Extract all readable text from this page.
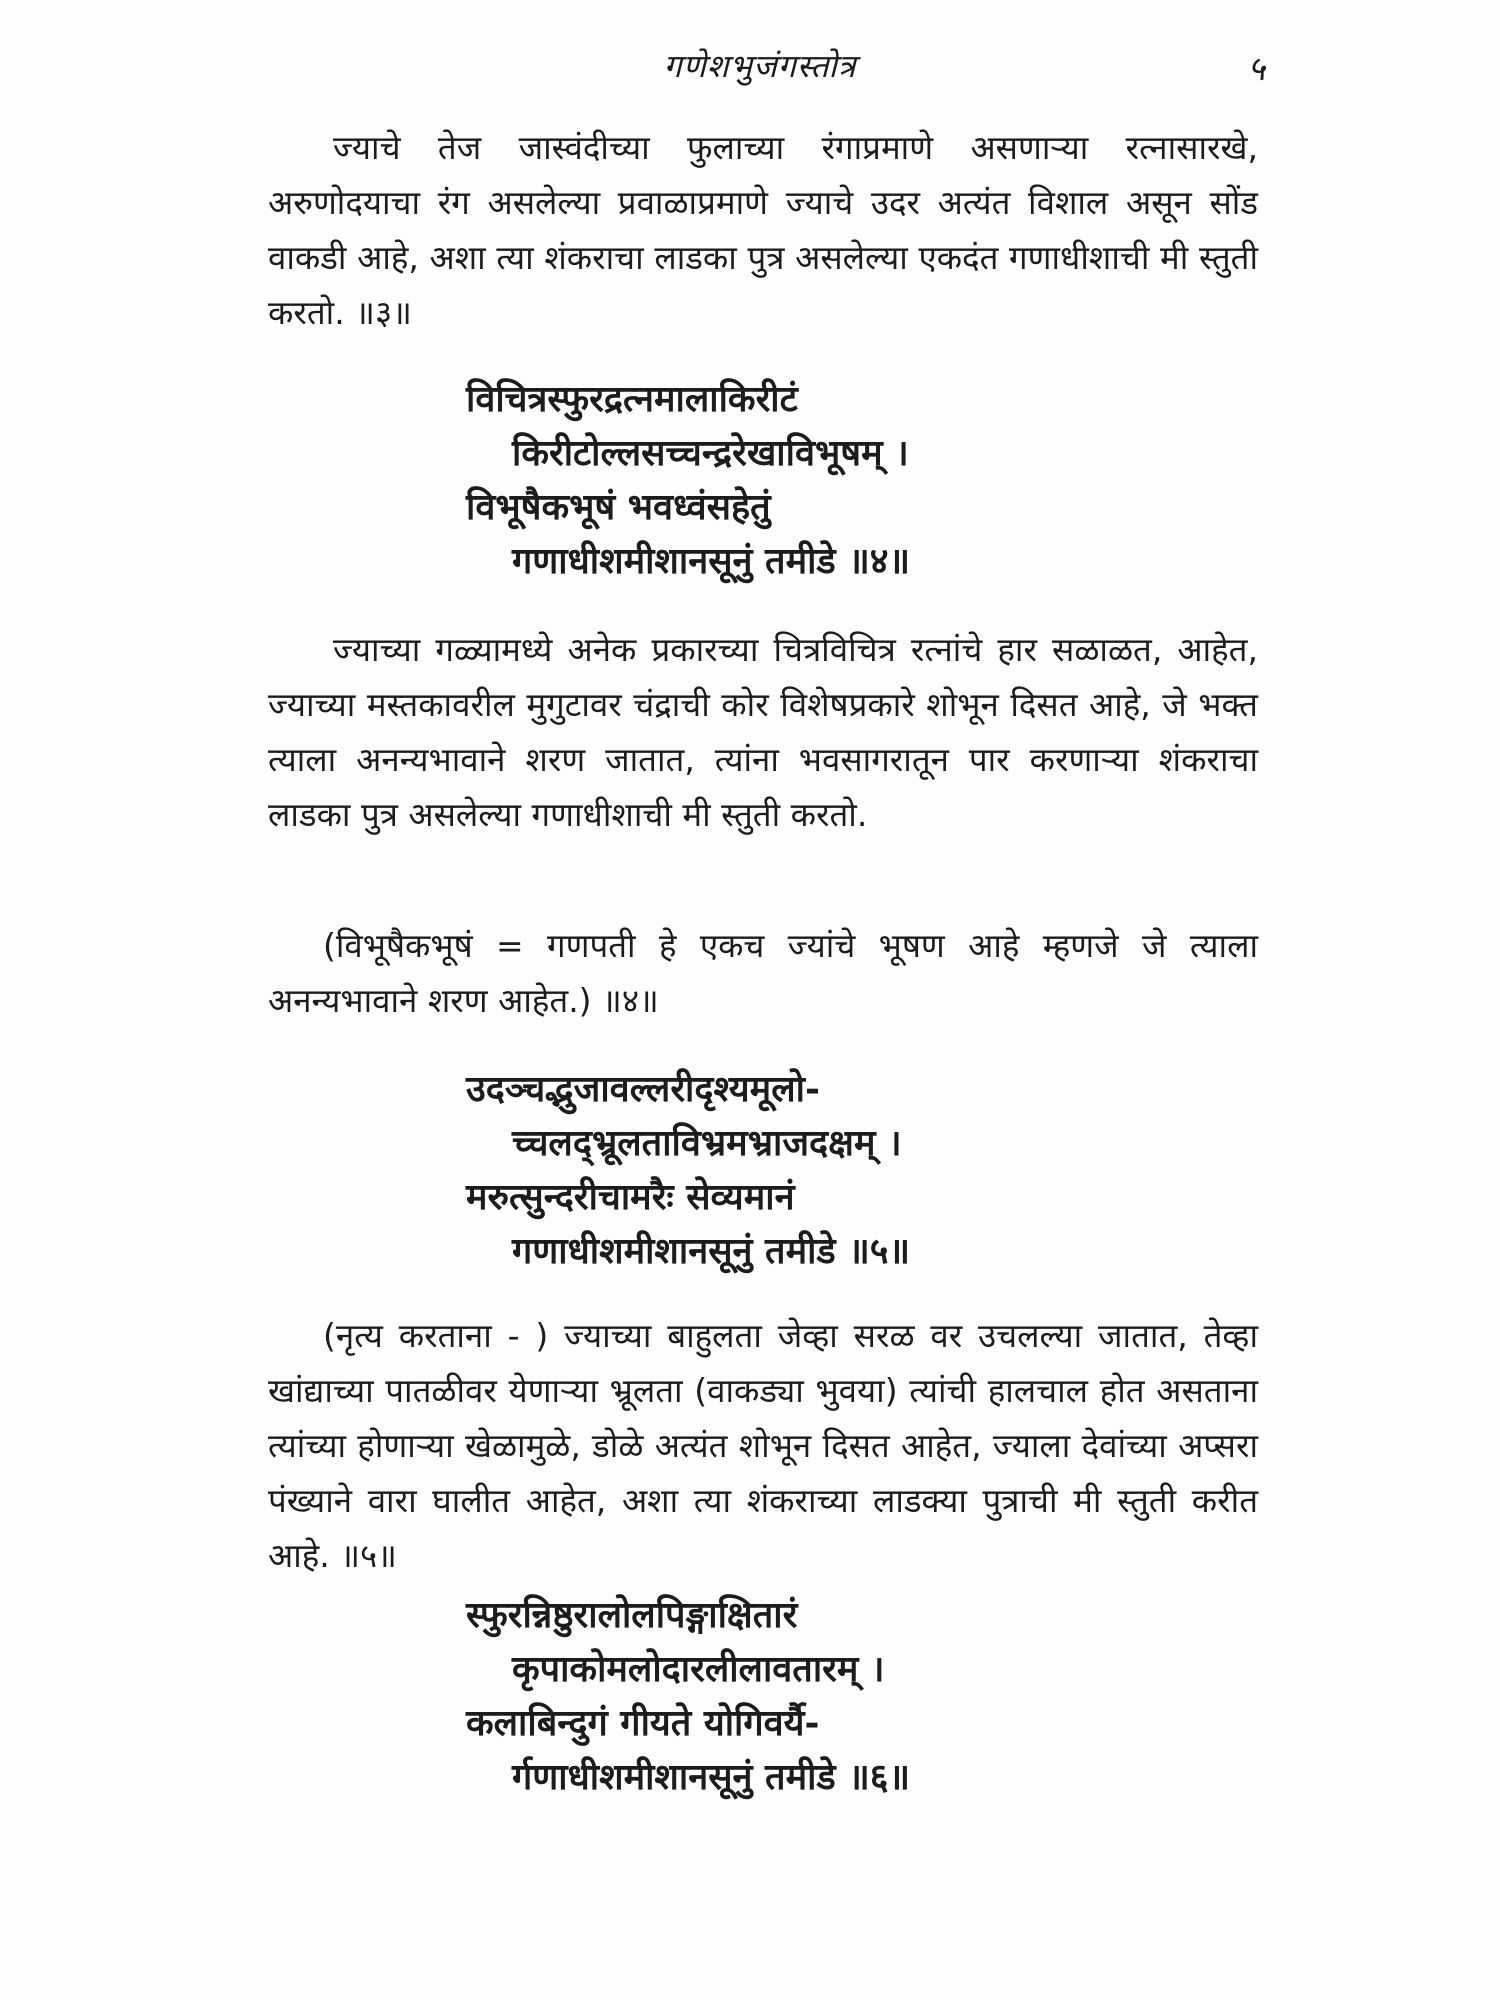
गणेशभुजंगस्तोत्र	५

ज्याचे तेज जास्वंदीच्या फुलाच्या रंगाप्रमाणे असणाऱ्या रत्नासारखे, अरुणोदयाचा रंग असलेल्या प्रवाळाप्रमाणे ज्याचे उदर अत्यंत विशाल असून सोंड वाकडी आहे, अशा त्या शंकराचा लाडका पुत्र असलेल्या एकदंत गणाधीशाची मी स्तुती करतो. ॥३॥

विचित्रस्फुरद्रत्नमालाकिरीटं
किरीटोल्लसच्चन्द्ररेखाविभूषम् ।
विभूषैकभूषं भवध्वंसहेतुं
गणाधीशमीशानसूनुं तमीडे ॥४॥

ज्याच्या गळ्यामध्ये अनेक प्रकारच्या चित्रविचित्र रत्नांचे हार सळाळत, आहेत, ज्याच्या मस्तकावरील मुगुटावर चंद्राची कोर विशेषप्रकारे शोभून दिसत आहे, जे भक्त त्याला अनन्यभावाने शरण जातात, त्यांना भवसागरातून पार करणाऱ्या शंकराचा लाडका पुत्र असलेल्या गणाधीशाची मी स्तुती करतो.

(विभूषैकभूषं = गणपती हे एकच ज्यांचे भूषण आहे म्हणजे जे त्याला अनन्यभावाने शरण आहेत.) ॥४॥

उदञ्चद्भुजावल्लरीदृश्यमूलो-
च्चलद्भ्रूलताविभ्रमभ्राजदक्षम् ।
मरुत्सुन्दरीचामरैः सेव्यमानं
गणाधीशमीशानसूनुं तमीडे ॥५॥

(नृत्य करताना - ) ज्याच्या बाहुलता जेव्हा सरळ वर उचलल्या जातात, तेव्हा खांद्याच्या पातळीवर येणाऱ्या भ्रूलता (वाकड्या भुवया) त्यांची हालचाल होत असताना त्यांच्या होणाऱ्या खेळामुळे, डोळे अत्यंत शोभून दिसत आहेत, ज्याला देवांच्या अप्सरा पंख्याने वारा घालीत आहेत, अशा त्या शंकराच्या लाडक्या पुत्राची मी स्तुती करीत आहे. ॥५॥

स्फुरन्निष्ठुरालोलपिङ्गाक्षितारं
कृपाकोमलोदारलीलावतारम् ।
कलाबिन्दुगं गीयते योगिवर्यै-
र्गणाधीशमीशानसूनुं तमीडे ॥६॥
